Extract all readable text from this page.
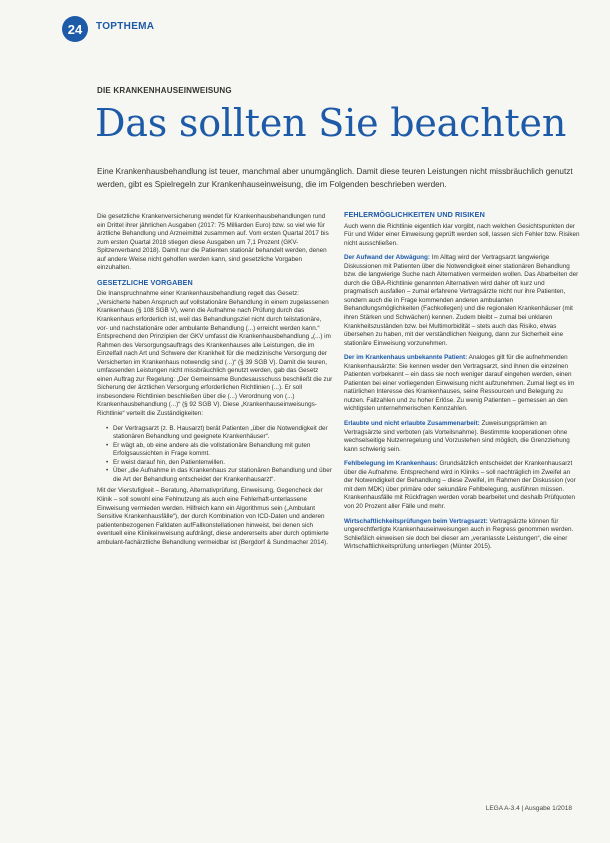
24	TOPTHEMA
DIE KRANKENHAUSEINWEISUNG
Das sollten Sie beachten
Eine Krankenhausbehandlung ist teuer, manchmal aber unumgänglich. Damit diese teuren Leistungen nicht missbräuchlich genutzt werden, gibt es Spielregeln zur Krankenhauseinweisung, die im Folgenden beschrieben werden.

Die gesetzliche Krankenversicherung wendet für Krankenhausbehandlungen rund ein Drittel ihrer jährlichen Ausgaben (2017: 75 Milliarden Euro) bzw. so viel wie für ärztliche Behandlung und Arzneimittel zusammen auf. Vom ersten Quartal 2017 bis zum ersten Quartal 2018 stiegen diese Ausgaben um 7,1 Prozent (GKV-Spitzenverband 2018). Damit nur die Patienten stationär behandelt werden, denen auf andere Weise nicht geholfen werden kann, sind gesetzliche Vorgaben einzuhalten.

GESETZLICHE VORGABEN

Die Inanspruchnahme einer Krankenhausbehandlung regelt das Gesetz: „Versicherte haben Anspruch auf vollstationäre Behandlung in einem zugelassenen Krankenhaus (§ 108 SGB V), wenn die Aufnahme nach Prüfung durch das Krankenhaus erforderlich ist, weil das Behandlungsziel nicht durch teilstationäre, vor- und nachstationäre oder ambulante Behandlung (...) erreicht werden kann.“ Entsprechend den Prinzipien der GKV umfasst die Krankenhausbehandlung „(...) im Rahmen des Versorgungsauftrags des Krankenhauses alle Leistungen, die im Einzelfall nach Art und Schwere der Krankheit für die medizinische Versorgung der Versicherten im Krankenhaus notwendig sind (...)“ (§ 39 SGB V). Damit die teuren, umfassenden Leistungen nicht missbräuchlich genutzt werden, gab das Gesetz einen Auftrag zur Regelung: „Der Gemeinsame Bundesausschuss beschließt die zur Sicherung der ärztlichen Versorgung erforderlichen Richtlinien (...). Er soll insbesondere Richtlinien beschließen über die (...) Verordnung von (...) Krankenhausbehandlung (...)“ (§ 92 SGB V). Diese „Krankenhauseinweisungs-Richtlinie“ verteilt die Zuständigkeiten:

• Der Vertragsarzt (z. B. Hausarzt) berät Patienten „über die Notwendigkeit der stationären Behandlung und geeignete Krankenhäuser“.
• Er wägt ab, ob eine andere als die vollstationäre Behandlung mit guten Erfolgsaussichten in Frage kommt.
• Er weist darauf hin, den Patientenwillen.
• Über „die Aufnahme in das Krankenhaus zur stationären Behandlung und über die Art der Behandlung entscheidet der Krankenhausarzt“.

Mit der Vierstufigkeit – Beratung, Alternativprüfung, Einweisung, Gegencheck der Klinik – soll sowohl eine Fehlnutzung als auch eine Fehlerhaft-unterlassene Einweisung vermieden werden. Hilfreich kann ein Algorithmus sein („Ambulant Sensitive Krankenhausfälle“), der durch Kombination von ICD-Daten und anderen patientenbezogenen Falldaten aufFallkonstellationen hinweist, bei denen sich eventuell eine Klinikeinweisung aufdrängt, diese andererseits aber durch optimierte ambulant-fachärztliche Behandlung vermeidbar ist (Bergdorf & Sundmacher 2014).

FEHLERMÖGLICHKEITEN UND RISIKEN

Auch wenn die Richtlinie eigentlich klar vorgibt, nach welchen Gesichtspunkten der Für und Wider einer Einweisung geprüft werden soll, lassen sich Fehler bzw. Risiken nicht ausschließen.

Der Aufwand der Abwägung: Im Alltag wird der Vertragsarzt langwierige Diskussionen mit Patienten über die Notwendigkeit einer stationären Behandlung bzw. die langwierige Suche nach Alternativen vermeiden wollen. Das Abarbeiten der durch die GBA-Richtlinie genannten Alternativen wird daher oft kurz und pragmatisch ausfallen – zumal erfahrene Vertragsärzte nicht nur ihre Patienten, sondern auch die in Frage kommenden anderen ambulanten Behandlungsmöglichkeiten (Fachkollegen) und die regionalen Krankenhäuser (mit ihren Stärken und Schwächen) kennen. Zudem bleibt – zumal bei unklaren Krankheitszuständen bzw. bei Multimorbidität – stets auch das Risiko, etwas übersehen zu haben, mit der verständlichen Neigung, dann zur Sicherheit eine stationäre Einweisung vorzunehmen.

Der im Krankenhaus unbekannte Patient: Analoges gilt für die aufnehmenden Krankenhausärzte: Sie kennen weder den Vertragsarzt, sind ihnen die einzelnen Patienten vorbekannt – ein dass sie noch weniger darauf eingehen werden, einen Patienten bei einer vorliegenden Einweisung nicht aufzunehmen. Zumal liegt es im natürlichen Interesse des Krankenhauses, seine Ressourcen und Belegung zu nutzen. Fallzahlen und zu hoher Erlöse. Zu wenig Patienten – gemessen an den wichtigsten unternehmerischen Kennzahlen.

Erlaubte und nicht erlaubte Zusammenarbeit: Zuweisungsprämien an Vertragsärzte sind verboten (als Vorteilsnahme). Bestimmte kooperationen ohne wechselseitige Nutzenregelung und Vorzustehen sind möglich, die Grenzziehung kann schwierig sein.

Fehlbelegung im Krankenhaus: Grundsätzlich entscheidet der Krankenhausarzt über die Aufnahme. Entsprechend wird in Kliniks – soll nachträglich im Zweifel an der Notwendigkeit der Behandlung – diese Zweifel, im Rahmen der Diskussion (vor mit dem MDK) über primäre oder sekundäre Fehlbelegung, ausführen müssen. Krankenhausfälle mit Rückfragen werden vorab bearbeitet und deshalb Prüfquoten von 20 Prozent aller Fälle und mehr.

Wirtschaftlichkeitsprüfungen beim Vertragsarzt: Vertragsärzte können für ungerechtfertigte Krankenhauseinweisungen auch in Regress genommen werden. Schließlich einweisen sie doch bei dieser am „veranlasste Leistungen“, die einer Wirtschaftlichkeitsprüfung unterliegen (Münter 2015).

LEGA A-3.4 | Ausgabe 1/2018
